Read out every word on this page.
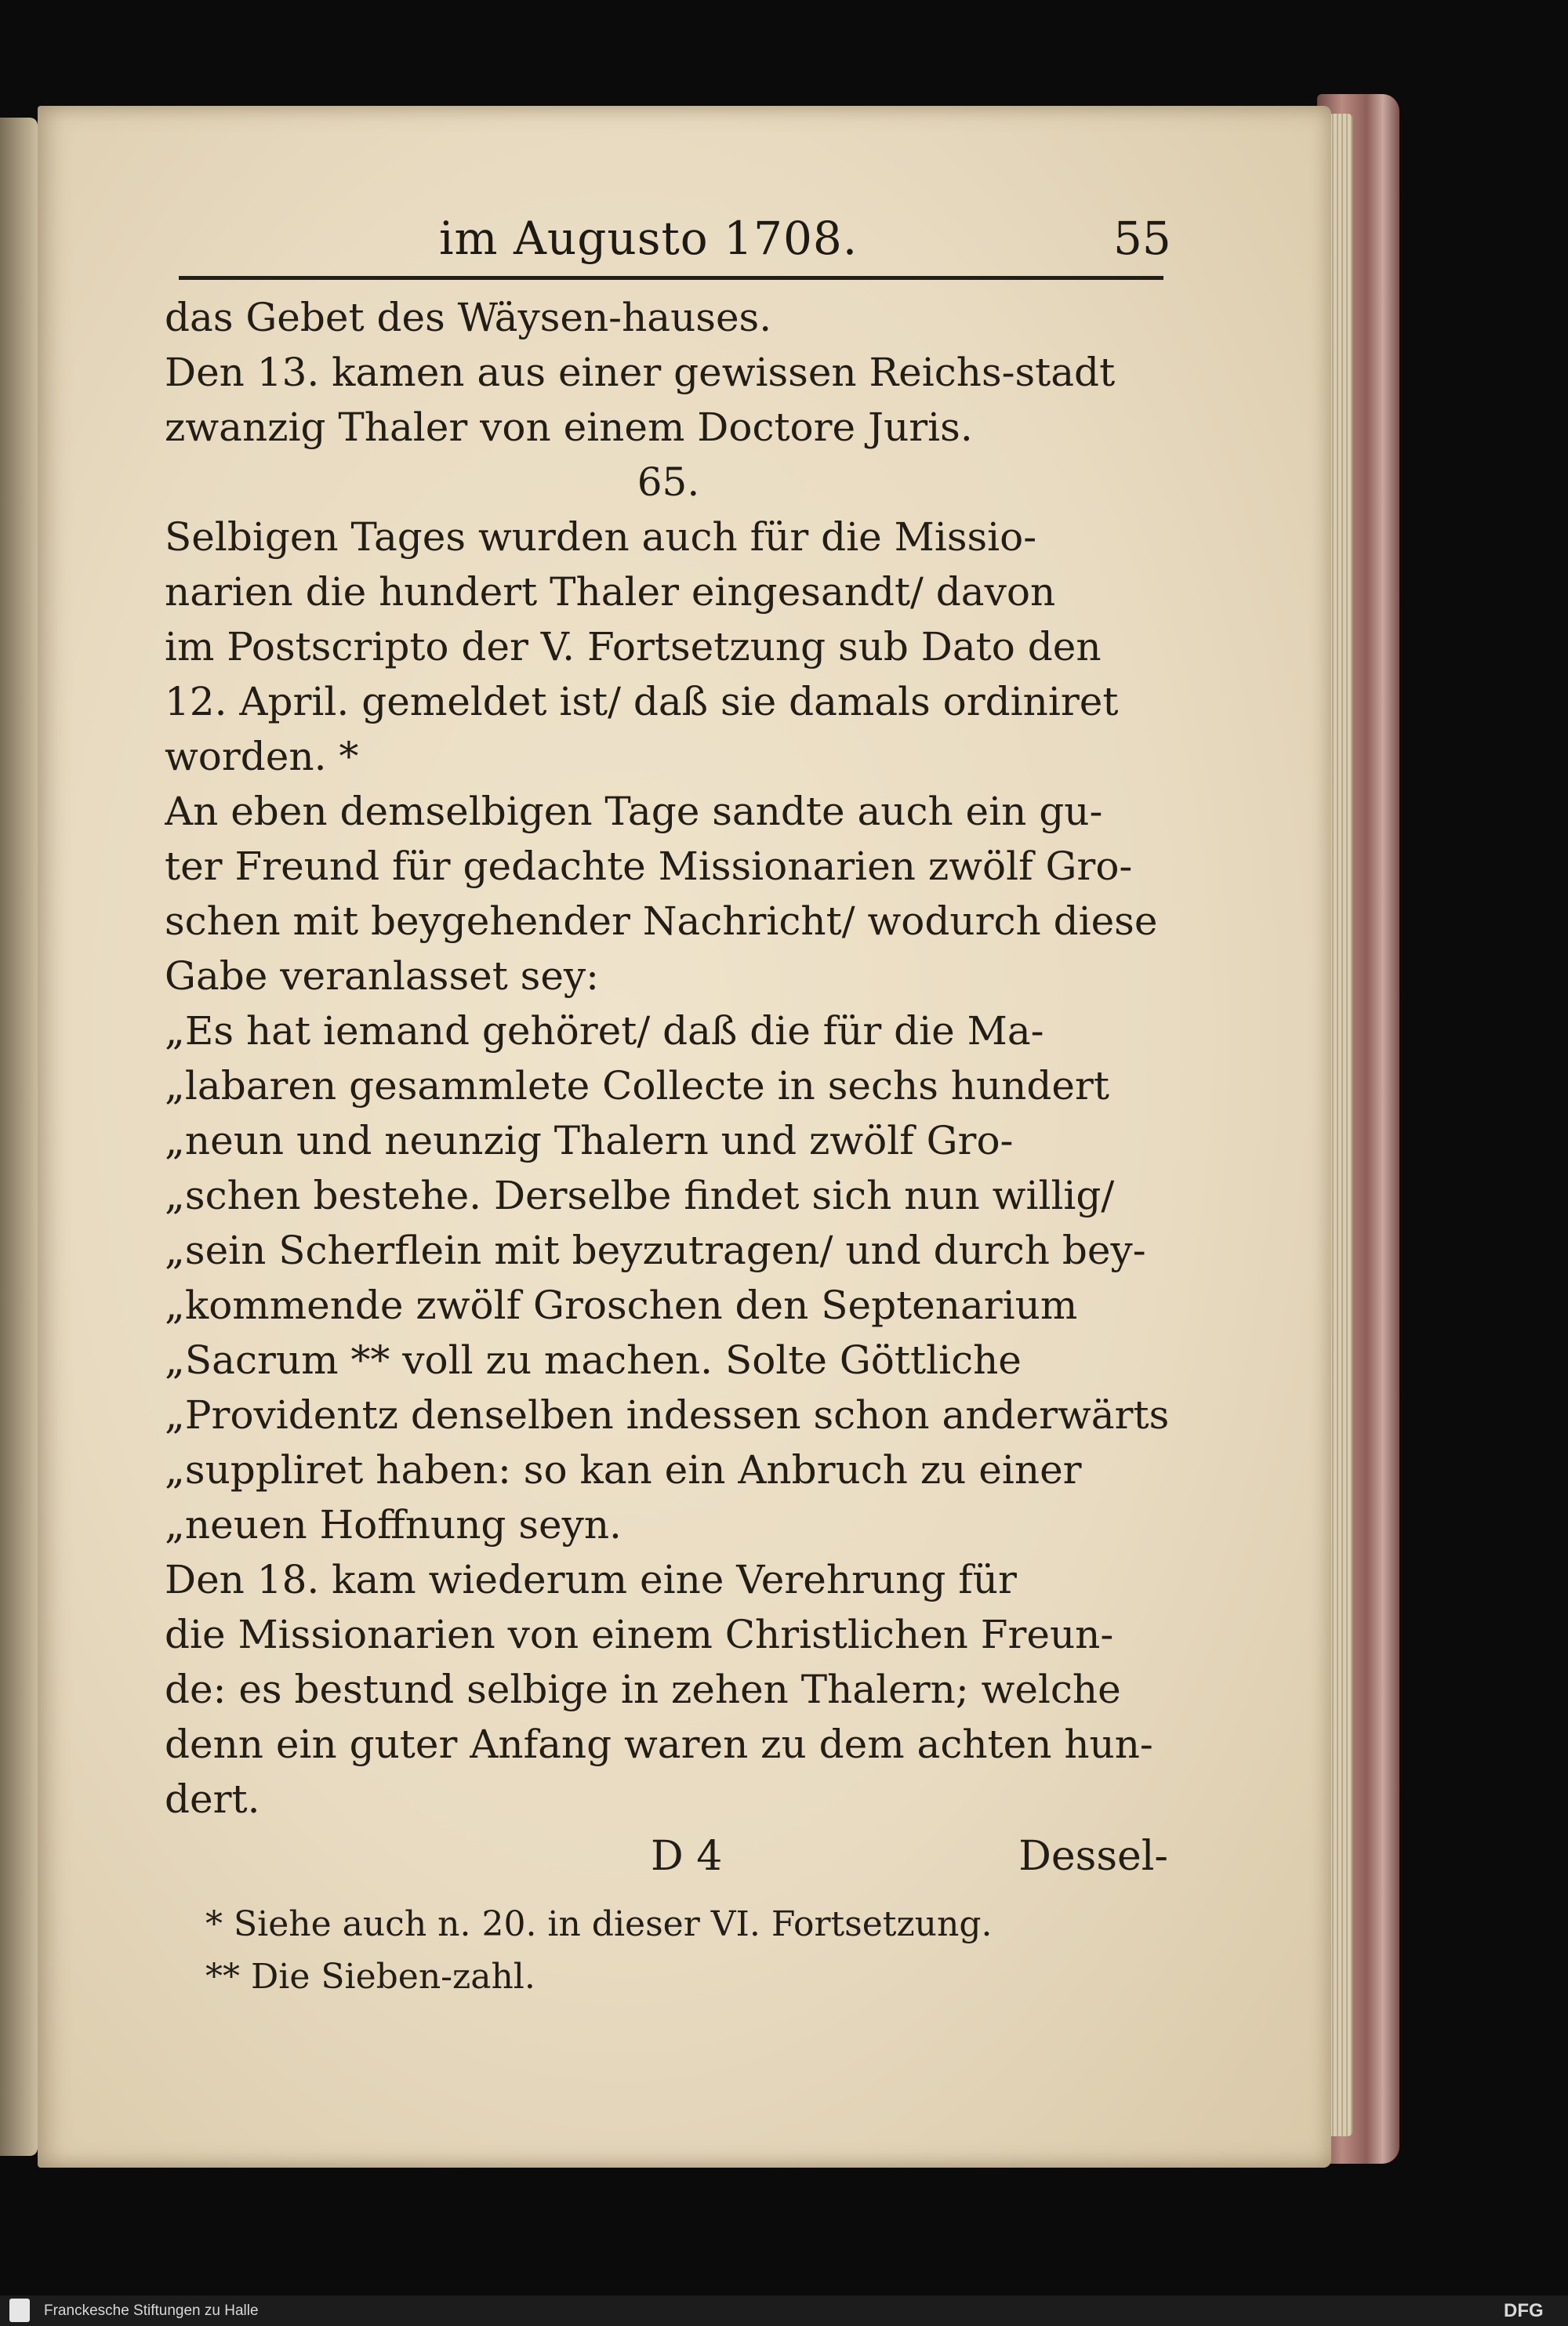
im Augusto 1708.	55
das Gebet des Wäysen-hauses.
Den 13. kamen aus einer gewissen Reichs-stadt
zwanzig Thaler von einem Doctore Juris.
65.
Selbigen Tages wurden auch für die Missio-
narien die hundert Thaler eingesandt/ davon
im Postscripto der V. Fortsetzung sub Dato den
12. April. gemeldet ist/ daß sie damals ordiniret
worden. *
An eben demselbigen Tage sandte auch ein gu-
ter Freund für gedachte Missionarien zwölf Gro-
schen mit beygehender Nachricht/ wodurch diese
Gabe veranlasset sey:
„Es hat iemand gehöret/ daß die für die Ma-
„labaren gesammlete Collecte in sechs hundert
„neun und neunzig Thalern und zwölf Gro-
„schen bestehe. Derselbe findet sich nun willig/
„sein Scherflein mit beyzutragen/ und durch bey-
„kommende zwölf Groschen den Septenarium
„Sacrum ** voll zu machen. Solte Göttliche
„Providentz denselben indessen schon anderwärts
„suppliret haben: so kan ein Anbruch zu einer
„neuen Hoffnung seyn.
Den 18. kam wiederum eine Verehrung für
die Missionarien von einem Christlichen Freun-
de: es bestund selbige in zehen Thalern; welche
denn ein guter Anfang waren zu dem achten hun-
dert.
D 4	Dessel-
* Siehe auch n. 20. in dieser VI. Fortsetzung.
** Die Sieben-zahl.
Franckesche Stiftungen zu Halle	DFG
